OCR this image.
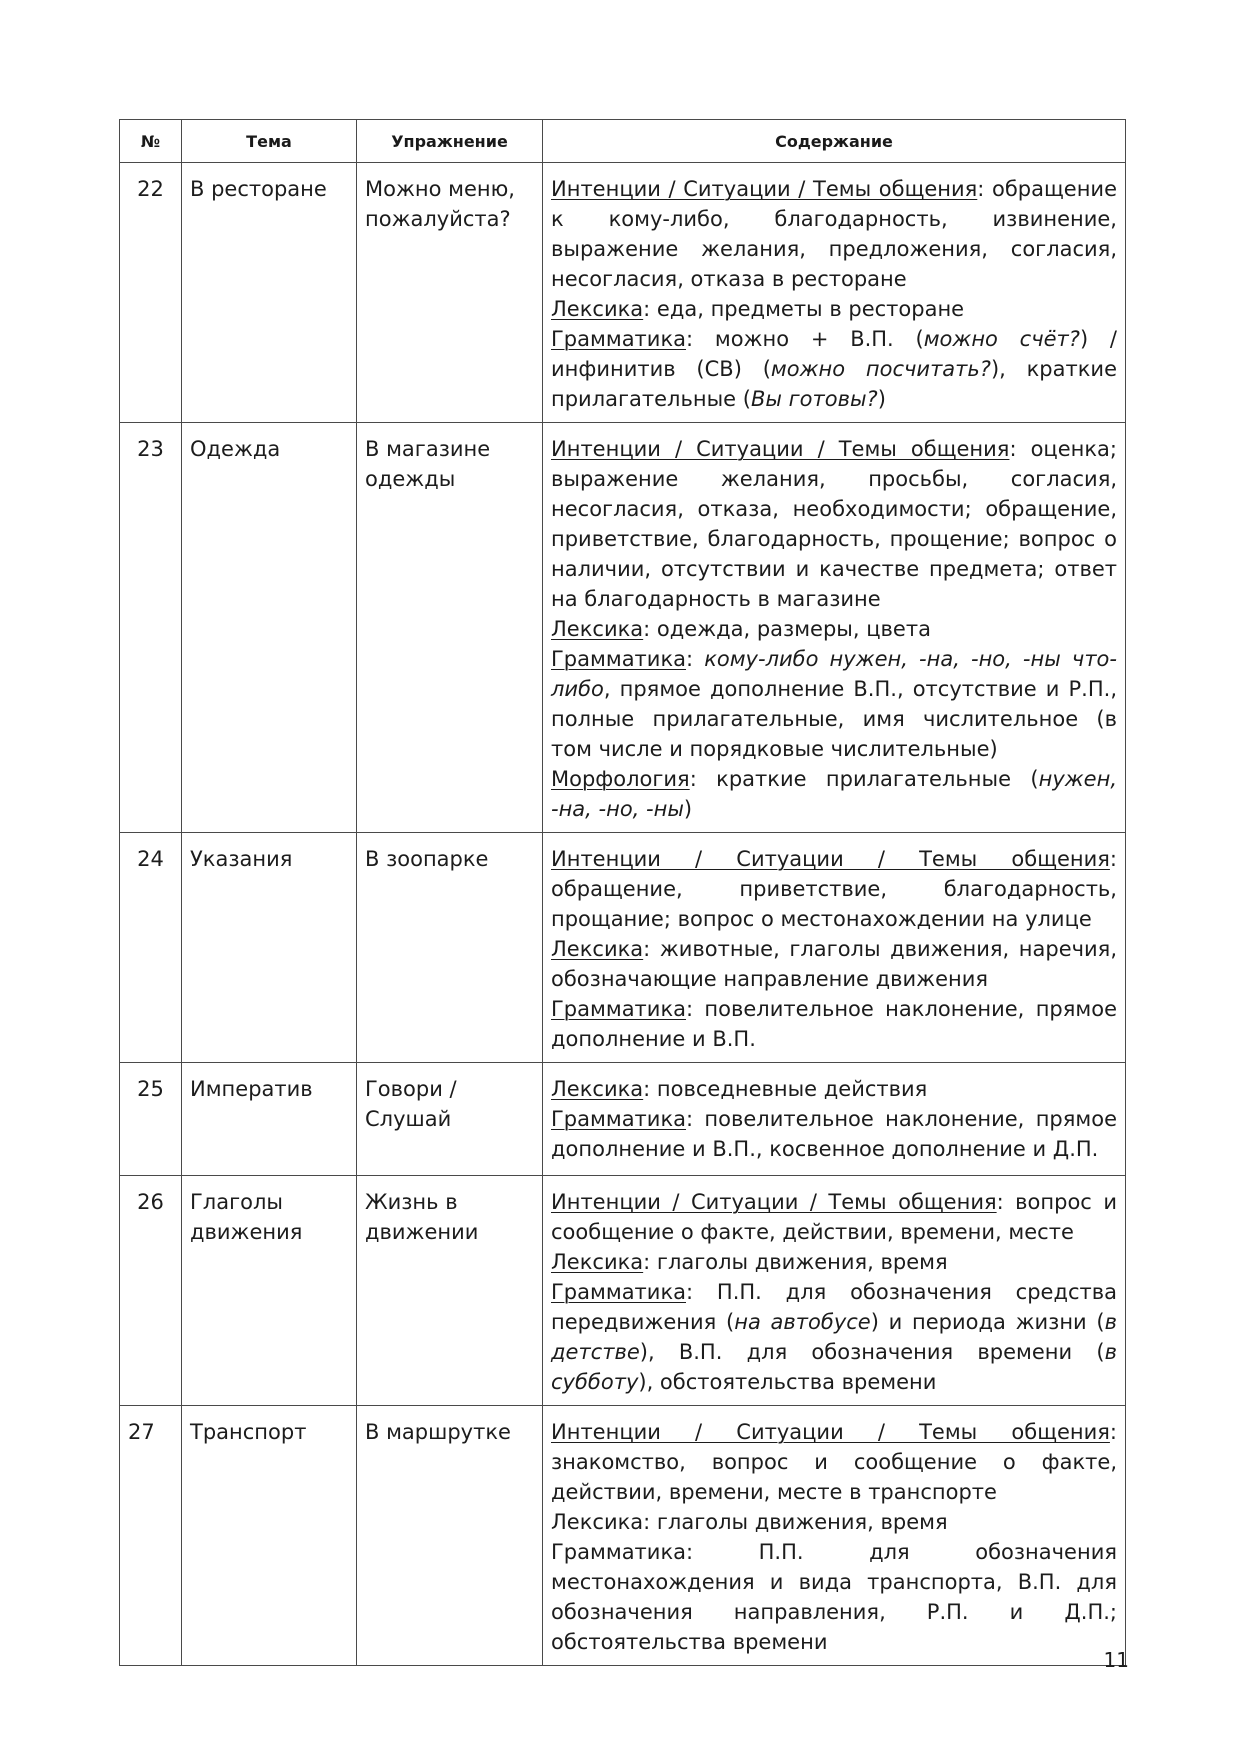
№	Тема	Упражнение	Содержание
22	В ресторане	Можно меню, пожалуйста?	Интенции / Ситуации / Темы общения: обращение к кому-либо, благодарность, извинение, выражение желания, предложения, согласия, несогласия, отказа в ресторане
Лексика: еда, предметы в ресторане
Грамматика: можно + В.П. (можно счёт?) / инфинитив (СВ) (можно посчитать?), краткие прилагательные (Вы готовы?)

23	Одежда	В магазине одежды	Интенции / Ситуации / Темы общения: оценка; выражение желания, просьбы, согласия, несогласия, отказа, необходимости; обращение, приветствие, благодарность, прощение; вопрос о наличии, отсутствии и качестве предмета; ответ на благодарность в магазине
Лексика: одежда, размеры, цвета
Грамматика: кому-либо нужен, -на, -но, -ны что-либо, прямое дополнение В.П., отсутствие и Р.П., полные прилагательные, имя числительное (в том числе и порядковые числительные)
Морфология: краткие прилагательные (нужен, -на, -но, -ны)

24	Указания	В зоопарке	Интенции / Ситуации / Темы общения: обращение, приветствие, благодарность, прощание; вопрос о местонахождении на улице
Лексика: животные, глаголы движения, наречия, обозначающие направление движения
Грамматика: повелительное наклонение, прямое дополнение и В.П.

25	Императив	Говори / Слушай	Лексика: повседневные действия
Грамматика: повелительное наклонение, прямое дополнение и В.П., косвенное дополнение и Д.П.

26	Глаголы движения	Жизнь в движении	Интенции / Ситуации / Темы общения: вопрос и сообщение о факте, действии, времени, месте
Лексика: глаголы движения, время
Грамматика: П.П. для обозначения средства передвижения (на автобусе) и периода жизни (в детстве), В.П. для обозначения времени (в субботу), обстоятельства времени

27	Транспорт	В маршрутке	Интенции / Ситуации / Темы общения: знакомство, вопрос и сообщение о факте, действии, времени, месте в транспорте
Лексика: глаголы движения, время
Грамматика: П.П. для обозначения местонахождения и вида транспорта, В.П. для обозначения направления, Р.П. и Д.П.; обстоятельства времени
11
